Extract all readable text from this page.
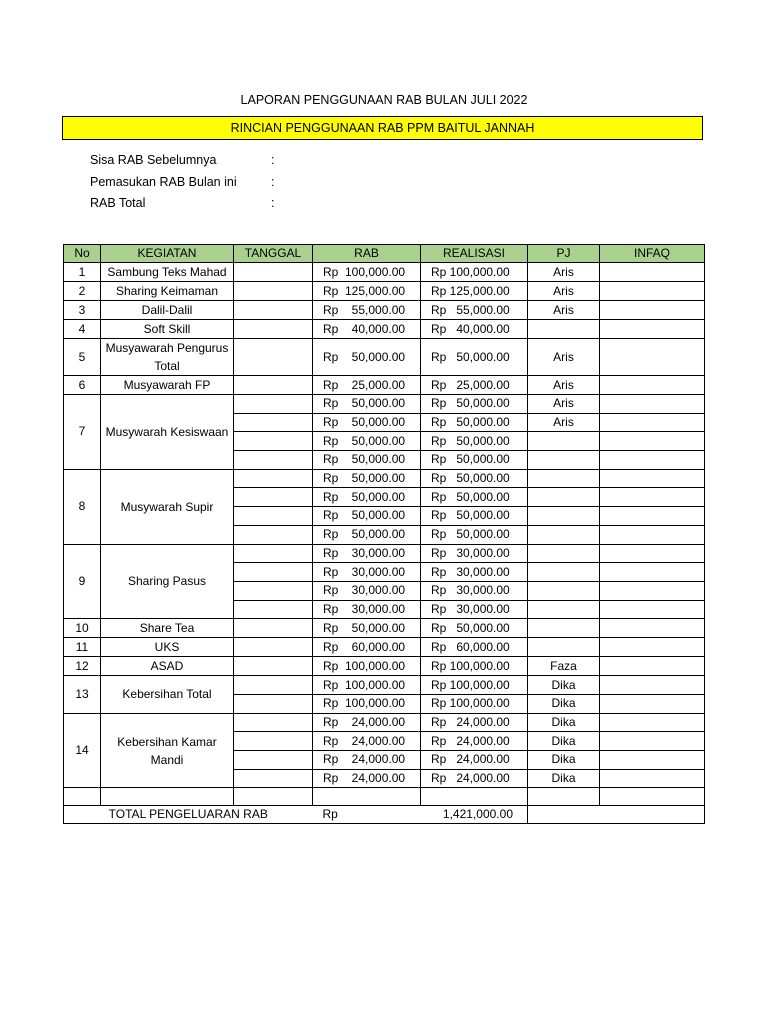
LAPORAN PENGGUNAAN RAB BULAN JULI 2022
RINCIAN PENGGUNAAN RAB PPM BAITUL JANNAH
Sisa RAB Sebelumnya	:
Pemasukan RAB Bulan ini	:
RAB Total	:
No	KEGIATAN	TANGGAL	RAB	REALISASI	PJ	INFAQ
1	Sambung Teks Mahad		Rp  100,000.00	Rp 100,000.00	Aris	
2	Sharing Keimaman		Rp  125,000.00	Rp 125,000.00	Aris	
3	Dalil-Dalil		Rp    55,000.00	Rp   55,000.00	Aris	
4	Soft Skill		Rp    40,000.00	Rp   40,000.00		
5	Musyawarah Pengurus Total		Rp    50,000.00	Rp   50,000.00	Aris	
6	Musyawarah FP		Rp    25,000.00	Rp   25,000.00	Aris	
7	Musywarah Kesiswaan		Rp    50,000.00	Rp   50,000.00	Aris	
			Rp    50,000.00	Rp   50,000.00	Aris	
			Rp    50,000.00	Rp   50,000.00		
			Rp    50,000.00	Rp   50,000.00		
8	Musywarah Supir		Rp    50,000.00	Rp   50,000.00		
			Rp    50,000.00	Rp   50,000.00		
			Rp    50,000.00	Rp   50,000.00		
			Rp    50,000.00	Rp   50,000.00		
9	Sharing Pasus		Rp    30,000.00	Rp   30,000.00		
			Rp    30,000.00	Rp   30,000.00		
			Rp    30,000.00	Rp   30,000.00		
			Rp    30,000.00	Rp   30,000.00		
10	Share Tea		Rp    50,000.00	Rp   50,000.00		
11	UKS		Rp    60,000.00	Rp   60,000.00		
12	ASAD		Rp  100,000.00	Rp 100,000.00	Faza	
13	Kebersihan Total		Rp  100,000.00	Rp 100,000.00	Dika	
			Rp  100,000.00	Rp 100,000.00	Dika	
14	Kebersihan Kamar Mandi		Rp    24,000.00	Rp   24,000.00	Dika	
			Rp    24,000.00	Rp   24,000.00	Dika	
			Rp    24,000.00	Rp   24,000.00	Dika	
			Rp    24,000.00	Rp   24,000.00	Dika	

TOTAL PENGELUARAN RAB			Rp	1,421,000.00		
